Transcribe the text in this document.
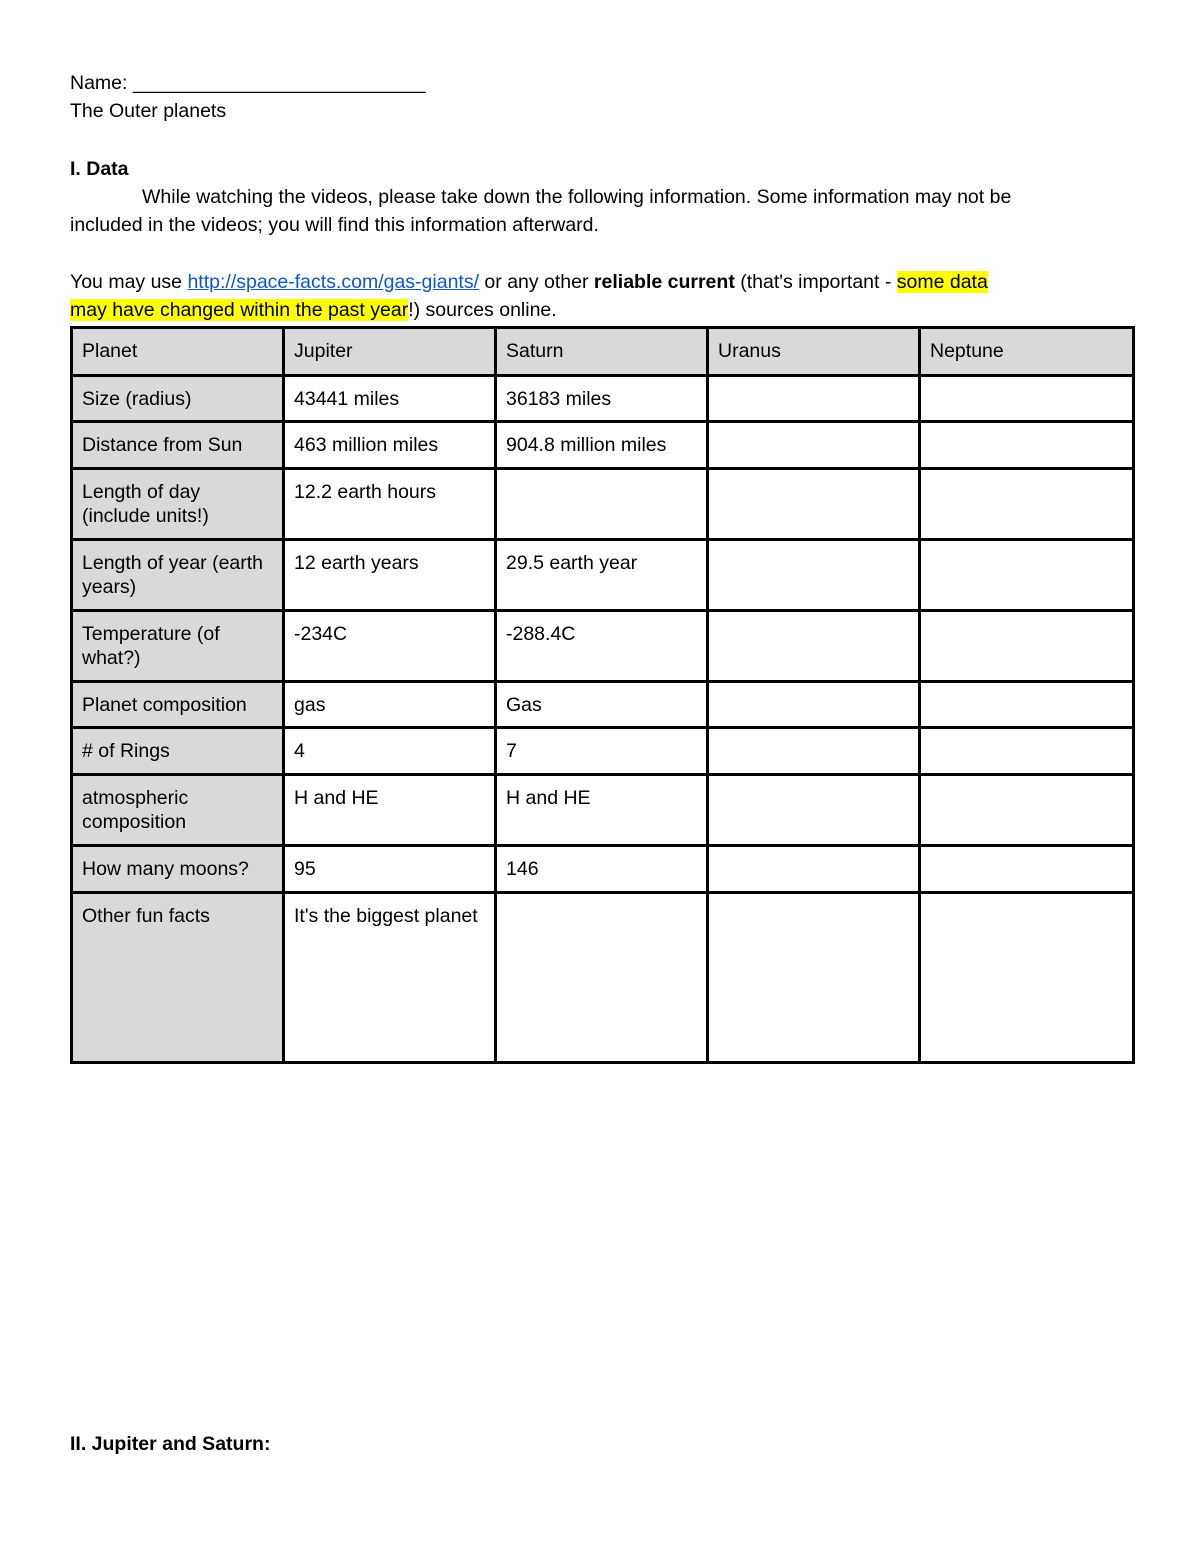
Name: ___________________________
The Outer planets
I. Data
While watching the videos, please take down the following information. Some information may not be
included in the videos; you will find this information afterward.
You may use http://space-facts.com/gas-giants/ or any other reliable current (that's important - some data
may have changed within the past year!) sources online.
II. Jupiter and Saturn:
Planet	Jupiter	Saturn	Uranus	Neptune
Size (radius)	43441 miles	36183 miles		
Distance from Sun	463 million miles	904.8 million miles		
Length of day (include units!)	12.2 earth hours			
Length of year (earth years)	12 earth years	29.5 earth year		
Temperature (of what?)	-234C	-288.4C		
Planet composition	gas	Gas		
# of Rings	4	7		
atmospheric composition	H and HE	H and HE		
How many moons?	95	146		
Other fun facts	It's the biggest planet			
